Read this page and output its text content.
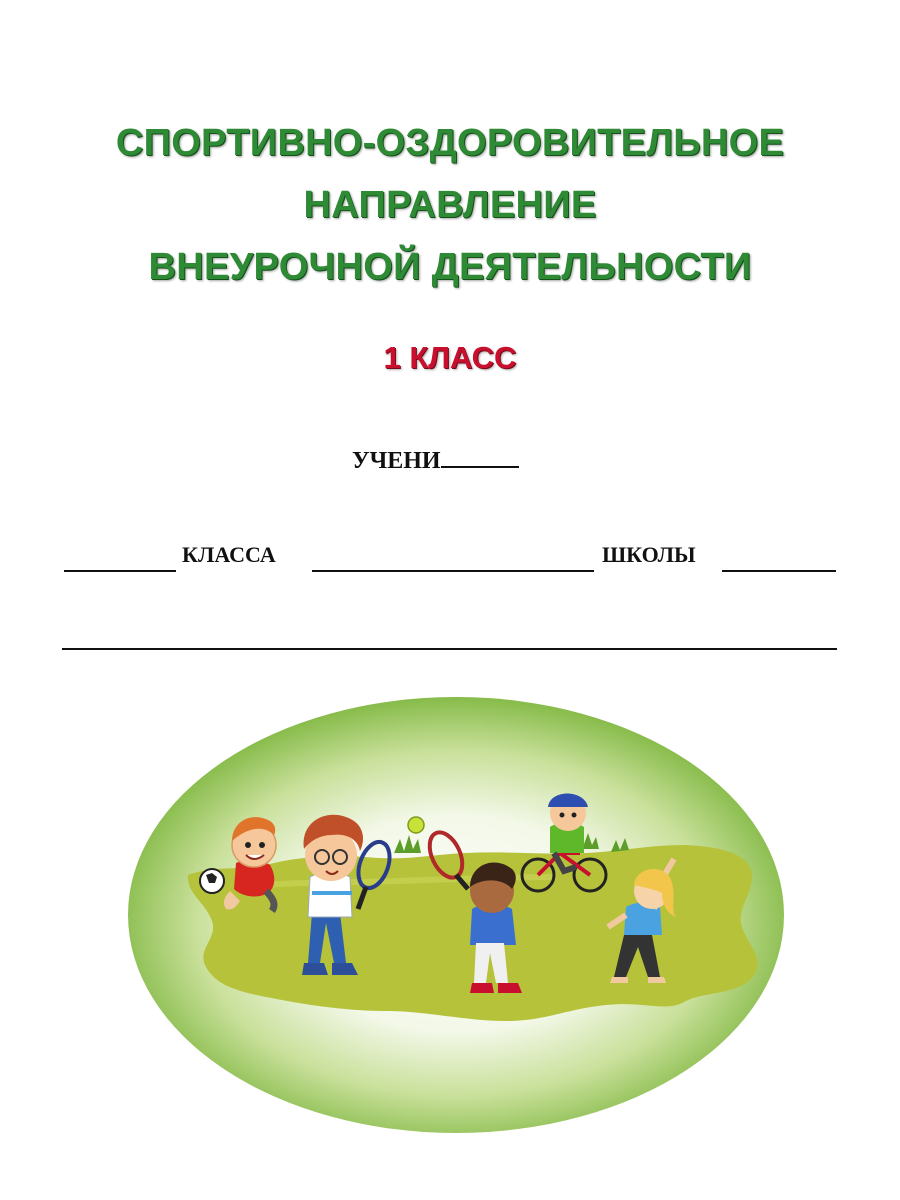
СПОРТИВНО-ОЗДОРОВИТЕЛЬНОЕ
НАПРАВЛЕНИЕ
ВНЕУРОЧНОЙ ДЕЯТЕЛЬНОСТИ
1 КЛАСС
УЧЕНИ
КЛАССА	ШКОЛЫ
